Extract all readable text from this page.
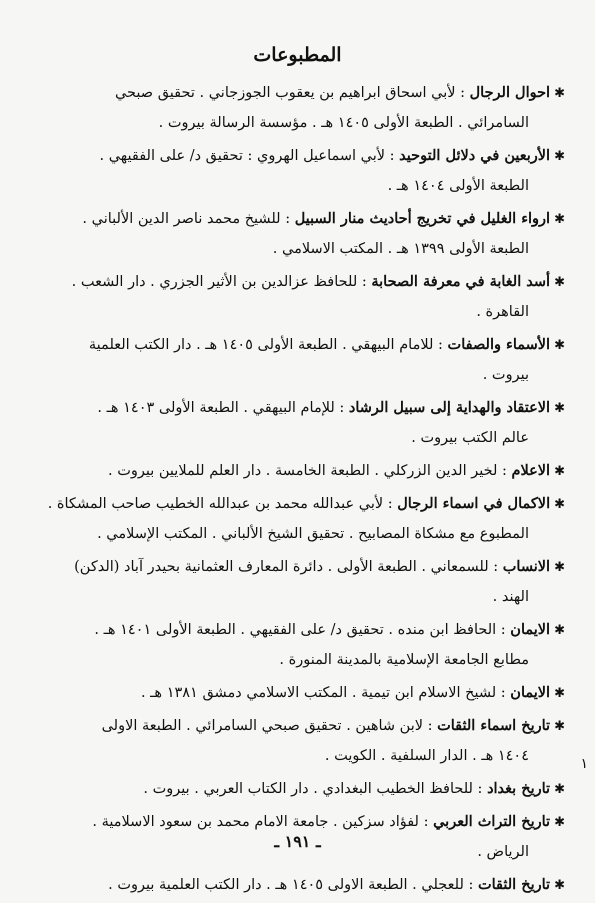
المطبوعات
✱احوال الرجال : لأبي اسحاق ابراهيم بن يعقوب الجوزجاني . تحقيق صبحي
السامرائي . الطبعة الأولى ١٤٠٥ هـ . مؤسسة الرسالة بيروت .
✱الأربعين في دلائل التوحيد : لأبي اسماعيل الهروي : تحقيق د/ على الفقيهي .
الطبعة الأولى ١٤٠٤ هـ .
✱ارواء الغليل في تخريج أحاديث منار السبيل : للشيخ محمد ناصر الدين الألباني .
الطبعة الأولى ١٣٩٩ هـ . المكتب الاسلامي .
✱أسد الغابة في معرفة الصحابة : للحافظ عزالدين بن الأثير الجزري . دار الشعب .
القاهرة .
✱الأسماء والصفات : للامام البيهقي . الطبعة الأولى ١٤٠٥ هـ . دار الكتب العلمية
بيروت .
✱الاعتقاد والهداية إلى سبيل الرشاد : للإمام البيهقي . الطبعة الأولى ١٤٠٣ هـ .
عالم الكتب بيروت .
✱الاعلام : لخير الدين الزركلي . الطبعة الخامسة . دار العلم للملايين بيروت .
✱الاكمال في اسماء الرجال : لأبي عبدالله محمد بن عبدالله الخطيب صاحب المشكاة .
المطبوع مع مشكاة المصابيح . تحقيق الشيخ الألباني . المكتب الإسلامي .
✱الانساب : للسمعاني . الطبعة الأولى . دائرة المعارف العثمانية بحيدر آباد (الدكن)
الهند .
✱الايمان : الحافظ ابن منده . تحقيق د/ على الفقيهي . الطبعة الأولى ١٤٠١ هـ .
مطابع الجامعة الإسلامية بالمدينة المنورة .
✱الايمان : لشيخ الاسلام ابن تيمية . المكتب الاسلامي دمشق ١٣٨١ هـ .
✱تاريخ اسماء الثقات : لابن شاهين . تحقيق صبحي السامرائي . الطبعة الاولى
١٤٠٤ هـ . الدار السلفية . الكويت .
✱تاريخ بغداد : للحافظ الخطيب البغدادي . دار الكتاب العربي . بيروت .
✱تاريخ التراث العربي : لفؤاد سزكين . جامعة الامام محمد بن سعود الاسلامية .
الرياض .
✱تاريخ الثقات : للعجلي . الطبعة الاولى ١٤٠٥ هـ . دار الكتب العلمية بيروت .
١
ـ ١٩١ ـ
